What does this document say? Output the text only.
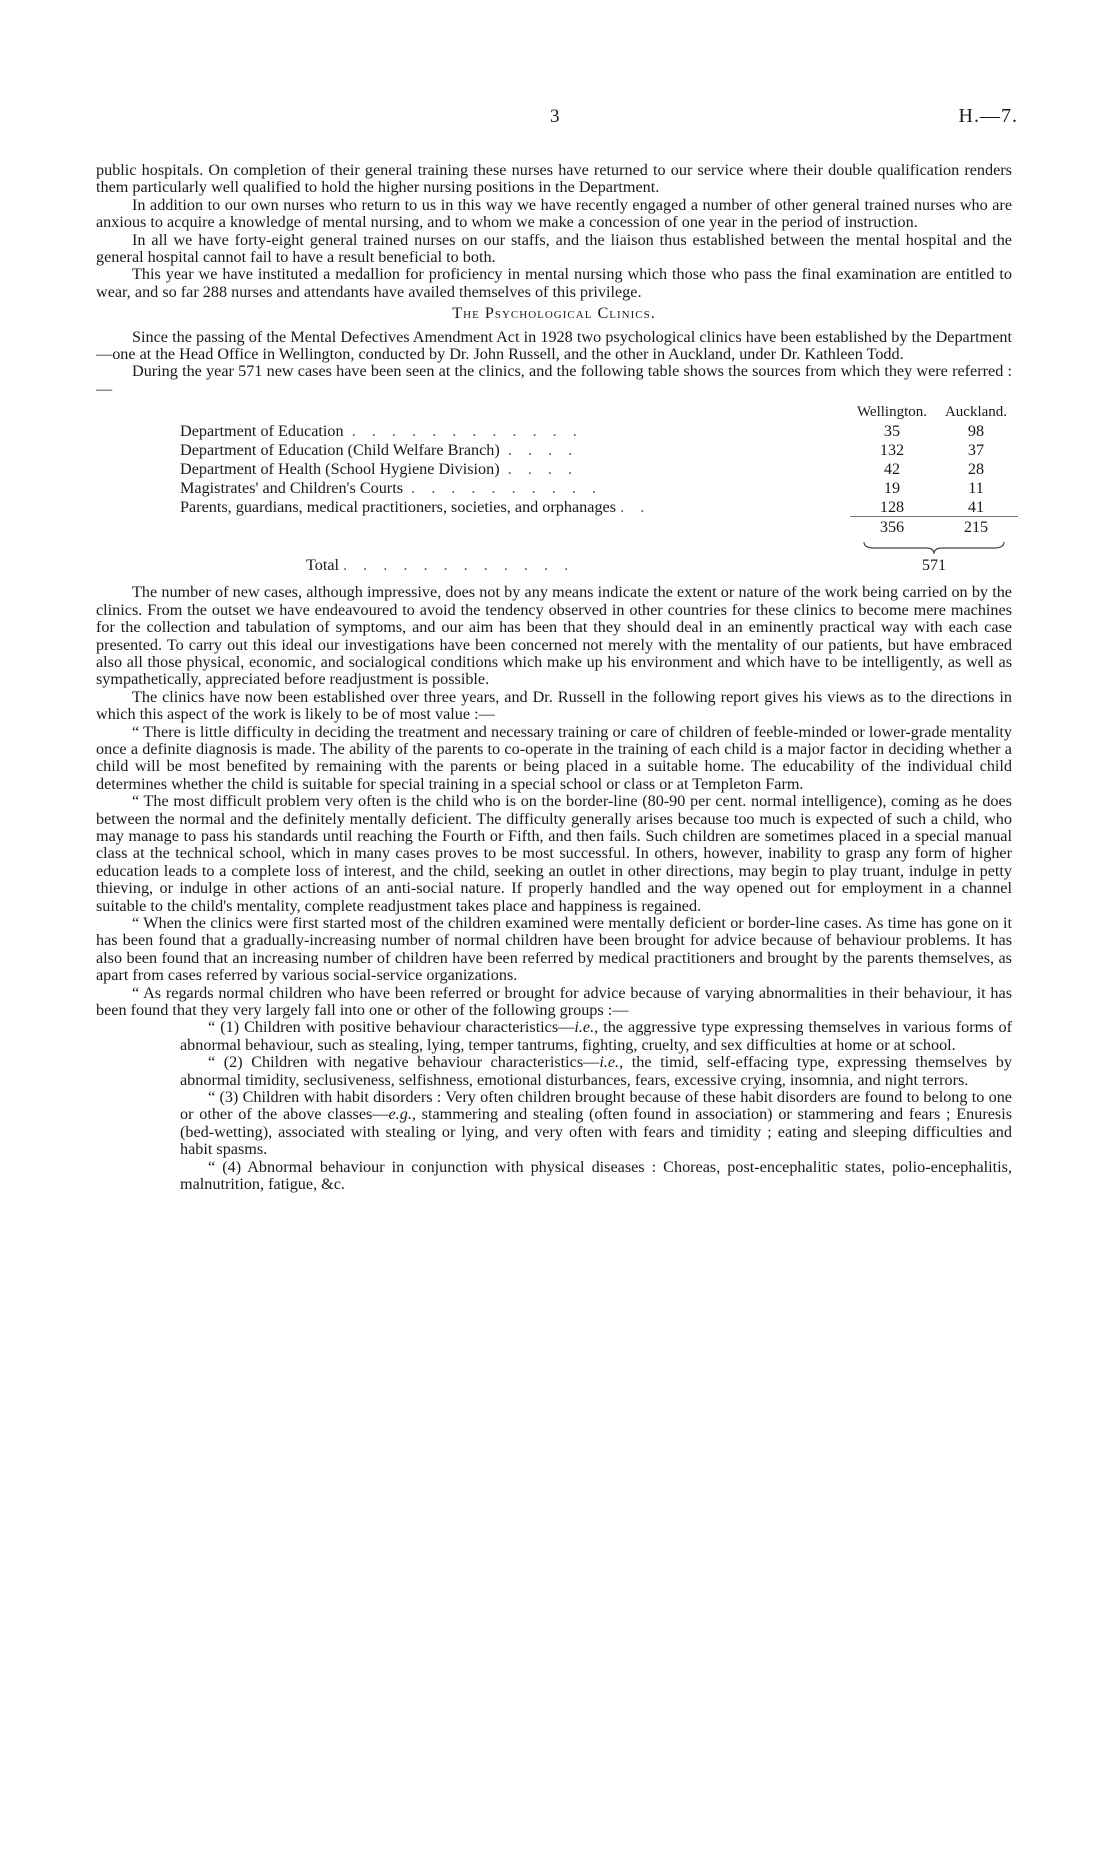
3	H.—7.

public hospitals. On completion of their general training these nurses have returned to our service where their double qualification renders them particularly well qualified to hold the higher nursing positions in the Department.

In addition to our own nurses who return to us in this way we have recently engaged a number of other general trained nurses who are anxious to acquire a knowledge of mental nursing, and to whom we make a concession of one year in the period of instruction.

In all we have forty-eight general trained nurses on our staffs, and the liaison thus established between the mental hospital and the general hospital cannot fail to have a result beneficial to both.

This year we have instituted a medallion for proficiency in mental nursing which those who pass the final examination are entitled to wear, and so far 288 nurses and attendants have availed themselves of this privilege.

The Psychological Clinics.

Since the passing of the Mental Defectives Amendment Act in 1928 two psychological clinics have been established by the Department—one at the Head Office in Wellington, conducted by Dr. John Russell, and the other in Auckland, under Dr. Kathleen Todd.

During the year 571 new cases have been seen at the clinics, and the following table shows the sources from which they were referred :—

	Wellington.	Auckland.
Department of Education . . . . . . . . . . . .	35	98
Department of Education (Child Welfare Branch) . . . .	132	37
Department of Health (School Hygiene Division) . . . .	42	28
Magistrates' and Children's Courts . . . . . . . . . .	19	11
Parents, guardians, medical practitioners, societies, and orphanages . .	128	41
	356	215

Total . . . . . . . . . . . .	571	

The number of new cases, although impressive, does not by any means indicate the extent or nature of the work being carried on by the clinics. From the outset we have endeavoured to avoid the tendency observed in other countries for these clinics to become mere machines for the collection and tabulation of symptoms, and our aim has been that they should deal in an eminently practical way with each case presented. To carry out this ideal our investigations have been concerned not merely with the mentality of our patients, but have embraced also all those physical, economic, and socialogical conditions which make up his environment and which have to be intelligently, as well as sympathetically, appreciated before readjustment is possible.

The clinics have now been established over three years, and Dr. Russell in the following report gives his views as to the directions in which this aspect of the work is likely to be of most value :—

“ There is little difficulty in deciding the treatment and necessary training or care of children of feeble-minded or lower-grade mentality once a definite diagnosis is made. The ability of the parents to co-operate in the training of each child is a major factor in deciding whether a child will be most benefited by remaining with the parents or being placed in a suitable home. The educability of the individual child determines whether the child is suitable for special training in a special school or class or at Templeton Farm.

“ The most difficult problem very often is the child who is on the border-line (80-90 per cent. normal intelligence), coming as he does between the normal and the definitely mentally deficient. The difficulty generally arises because too much is expected of such a child, who may manage to pass his standards until reaching the Fourth or Fifth, and then fails. Such children are sometimes placed in a special manual class at the technical school, which in many cases proves to be most successful. In others, however, inability to grasp any form of higher education leads to a complete loss of interest, and the child, seeking an outlet in other directions, may begin to play truant, indulge in petty thieving, or indulge in other actions of an anti-social nature. If properly handled and the way opened out for employment in a channel suitable to the child's mentality, complete readjustment takes place and happiness is regained.

“ When the clinics were first started most of the children examined were mentally deficient or border-line cases. As time has gone on it has been found that a gradually-increasing number of normal children have been brought for advice because of behaviour problems. It has also been found that an increasing number of children have been referred by medical practitioners and brought by the parents themselves, as apart from cases referred by various social-service organizations.

“ As regards normal children who have been referred or brought for advice because of varying abnormalities in their behaviour, it has been found that they very largely fall into one or other of the following groups :—

“ (1) Children with positive behaviour characteristics—i.e., the aggressive type expressing themselves in various forms of abnormal behaviour, such as stealing, lying, temper tantrums, fighting, cruelty, and sex difficulties at home or at school.

“ (2) Children with negative behaviour characteristics—i.e., the timid, self-effacing type, expressing themselves by abnormal timidity, seclusiveness, selfishness, emotional disturbances, fears, excessive crying, insomnia, and night terrors.

“ (3) Children with habit disorders : Very often children brought because of these habit disorders are found to belong to one or other of the above classes—e.g., stammering and stealing (often found in association) or stammering and fears ; Enuresis (bed-wetting), associated with stealing or lying, and very often with fears and timidity ; eating and sleeping difficulties and habit spasms.

“ (4) Abnormal behaviour in conjunction with physical diseases : Choreas, post-encephalitic states, polio-encephalitis, malnutrition, fatigue, &c.
